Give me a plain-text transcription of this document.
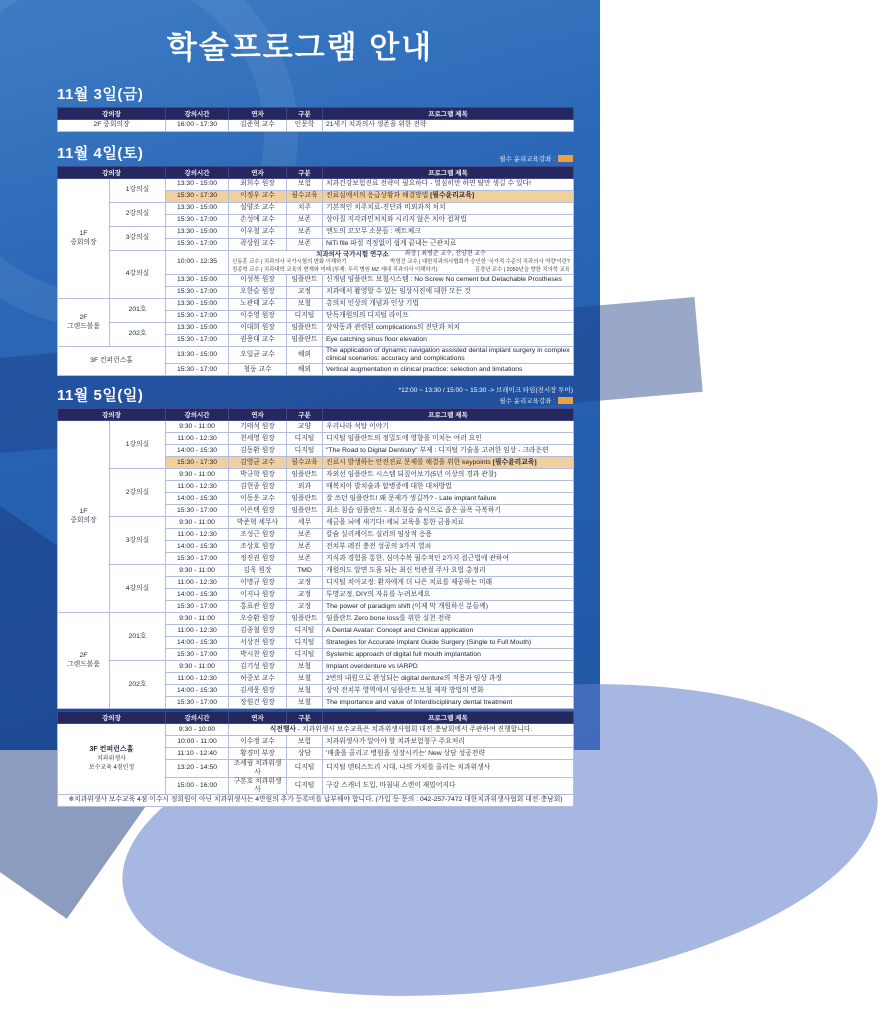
학술프로그램 안내
11월 3일(금)
강의장	강의시간	연자	구분	프로그램 제목

2F 중회의장	16:00 - 17:30	김준혁 교수	인문학	21세기 치과의사 생존을 위한 전략
11월 4일(토)	필수 윤리교육강좌 :
강의장		강의시간	연자	구분	프로그램 제목

1F
중회의장	1강의실	13:30 - 15:00	최희수 원장	보험	치과건강보험진료 전략이 필요하다 - 열심히만 하면 탈만 생길 수 있다!
		15:30 - 17:30	이정우 교수	필수교육	진료실에서의 응급상황과 해결방법 [필수윤리교육]
	2강의실	13:30 - 15:00	설양조 교수	치주	기본적인 치주치료-진단과 비외과적 처치
		15:30 - 17:00	손성애 교수	보존	상아질 지각과민처치와 시리지 않은 치아 접착법
	3강의실	13:30 - 15:00	이우철 교수	보존	엔도의 꼬꼬무 소문들 : 팩트체크
		15:30 - 17:00	곽상원 교수	보존	NiTi file 파절 걱정없이 쉽게 끝내는 근관치료
4강의실	10:00 - 12:35	
치과의사 국가시험 연구소	좌장 | 최병준 교수, 전양현 교수
신동훈 교수 | 치과의사 국가시험의 변화 이해하기	박영건 교수 | 대한치과의사협회가 승인한 '국가적 수준의 치과의사 역량'이란?
정종혁 교수 | 치과대학 교육의 현재와 미래 (부제: 우리 병원 MZ 세대 치과의사 이해하기)	김경년 교수 | 2050년을 향한 치의학 교육

		13:30 - 15:00	이성복 원장	임플란트	신개념 임플란트 보철시스템 : No Screw No cement but Detachable Prostheses
		15:30 - 17:00	오한슬 원장	교정	치과에서 촬영할 수 있는 임상사진에 대한 모든 것

2F
그랜드볼룸	201호	13:30 - 15:00	노관태 교수	보철	총의치 인상의 개념과 인상 기법
		15:30 - 17:00	이수영 원장	디지털	단독개원의의 디지털 라이프
	202호	13:30 - 15:00	이대희 원장	임플란트	상악동과 관련된 complications의 진단과 처치
		15:30 - 17:00	권용대 교수	임플란트	Eye catching sinus floor elevation

3F 컨퍼런스홀		13:30 - 15:00	오일균 교수	해외	The application of dynamic navigation assisted dental implant surgery in complex clinical scenarios: accuracy and complications
		15:30 - 17:00	청둥 교수	해외	Vertical augmentation in clinical practice: selection and limitations
11월 5일(일)	*12:00 ~ 13:30 / 15:00 ~ 15:30 -> 브레이크 타임(전시장 투어)
필수 윤리교육강좌 :
강의장		강의시간	연자	구분	프로그램 제목

1F
중회의장	1강의실	9:30 - 11:00	기태석 원장	교양	우리나라 석탑 이야기
		11:00 - 12:30	천세영 원장	디지털	디지털 임플란트의 정밀도에 영향을 미치는 여러 요인
		14:00 - 15:30	김동환 원장	디지털	"The Road to Digital Dentistry" 부제 : 디지털 기술을 고려한 임상 - 크라운편
		15:30 - 17:30	김영균 교수	필수교육	진료시 발생하는 안전진료 문제를 해결을 위한 keypoints [필수윤리교육]
	2강의실	9:30 - 11:00	박규학 원장	임플란트	자외선 임플란트 시스템 되짚어보기(5년 이상의 경과 관찰)
		11:00 - 12:30	김현종 원장	외과	매복치아 발치술과 합병증에 대한 대처방법
		14:00 - 15:30	이동운 교수	임플란트	잘 쓰던 임플란트! 왜 문제가 생길까? - Late implant failure
		15:30 - 17:00	이은택 원장	임플란트	최소 침습 임플란트 - 최소침습 술식으로 좁은 골폭 극복하기
	3강의실	9:30 - 11:00	박준혁 세무사	세무	세금을 뇌에 새기다! 세뇌 교육을 통한 금융치료
		11:00 - 12:30	조성근 원장	보존	칼슘 실리케이트 실러의 임상적 응용
		14:00 - 15:30	조상호 원장	보존	전치부 레진 충전 성공의 3가지 열쇠
		15:30 - 17:00	정진권 원장	보존	지식과 경험을 통한, 심미수복 필수적인 2가지 접근법에 관하여
	4강의실	9:30 - 11:00	김욱 원장	TMD	개원의도 알면 도움 되는 최신 턱관절 주사 요법 총정리
		11:00 - 12:30	이명규 원장	교정	디지털 치아교정: 환자에게 더 나은 치료를 제공하는 미래
		14:00 - 15:30	이지나 원장	교정	투명교정, DIY의 자유를 누려보세요
		15:30 - 17:00	홍표관 원장	교정	The power of paradigm shift (이제 막 개원하신 분들께)

2F
그랜드볼룸	201호	9:30 - 11:00	오승환 원장	임플란트	임플란트 Zero bone loss를 위한 실천 전략
		11:00 - 12:30	김종철 원장	디지털	A Dental Avatar: Concept and Clinical application
		14:00 - 15:30	서상진 원장	디지털	Strategies for Accurate Implant Guide Surgery (Single to Full Mouth)
		15:30 - 17:00	박시찬 원장	디지털	Systemic approach of digital full mouth implantation
	202호	9:30 - 11:00	김기성 원장	보철	Implant overdenture vs IARPD
		11:00 - 12:30	허중보 교수	보철	2번의 내원으로 완성되는 digital denture의 적용과 임상 과정
		14:00 - 15:30	김세웅 원장	보철	상악 전치부 영역에서 임플란트 보철 제작 방법의 변화
		15:30 - 17:00	장원건 원장	보철	The importance and value of Interdisciplinary dental treatment
강의장	강의시간	연자	구분	프로그램 제목

3F 컨퍼런스홀
치과위생사
보수교육 4점인정	9:30 - 10:00	식전행사 - 치과위생사 보수교육은 치과위생사협회 대전·충남회에서 주관하여 진행합니다.		
	10:00 - 11:00	이수정 교수	보험	치과위생사가 알아야 할 치과보험청구 주요처리
	11:10 - 12:40	황경미 부장	상담	'매출을 올리고 병원을 성장시키는' New 상담 성공전략
	13:20 - 14:50	조세림 치과위생사	디지털	디지털 덴티스트리 시대, 나의 가치를 올리는 치과위생사
	15:00 - 16:00	구본호 치과위생사	디지털	구강 스캐너 도입, 마침내 스캔이 재밌어지다
※치과위생사 보수교육 4점 이수시 정회원이 아닌 치과위생사는 4만원의 추가 등록비를 납부해야 합니다. (가입 등 문의 : 042-257-7472 대한치과위생사협회 대전·충남회)				
